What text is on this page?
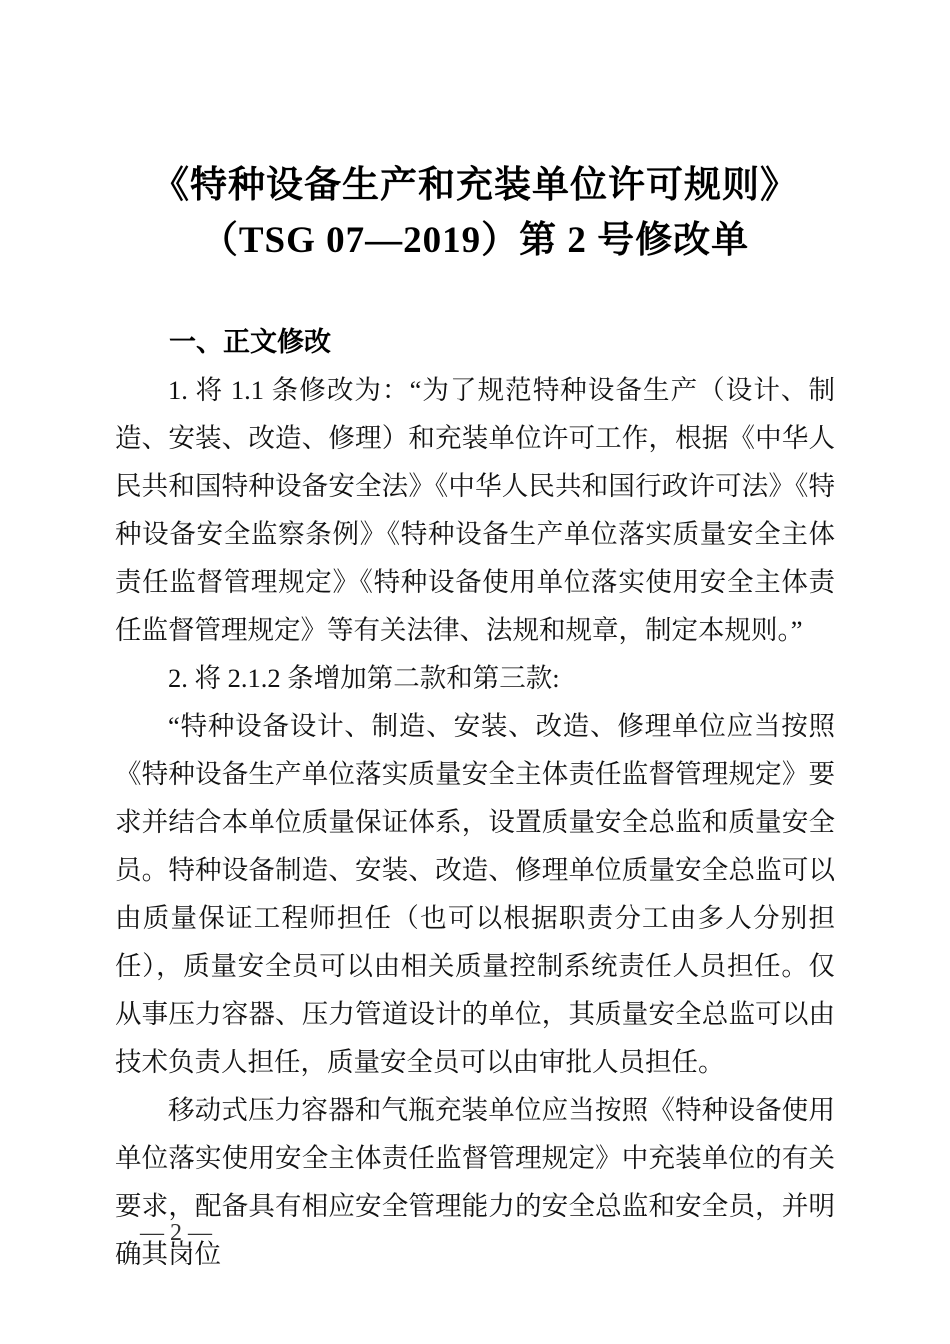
《特种设备生产和充装单位许可规则》
（TSG 07—2019）第 2 号修改单
一、正文修改

1. 将 1.1 条修改为：“为了规范特种设备生产（设计、制造、安装、改造、修理）和充装单位许可工作，根据《中华人民共和国特种设备安全法》《中华人民共和国行政许可法》《特种设备安全监察条例》《特种设备生产单位落实质量安全主体责任监督管理规定》《特种设备使用单位落实使用安全主体责任监督管理规定》等有关法律、法规和规章，制定本规则。”

2. 将 2.1.2 条增加第二款和第三款:

“特种设备设计、制造、安装、改造、修理单位应当按照《特种设备生产单位落实质量安全主体责任监督管理规定》要求并结合本单位质量保证体系，设置质量安全总监和质量安全员。特种设备制造、安装、改造、修理单位质量安全总监可以由质量保证工程师担任（也可以根据职责分工由多人分别担任），质量安全员可以由相关质量控制系统责任人员担任。仅从事压力容器、压力管道设计的单位，其质量安全总监可以由技术负责人担任，质量安全员可以由审批人员担任。

移动式压力容器和气瓶充装单位应当按照《特种设备使用单位落实使用安全主体责任监督管理规定》中充装单位的有关要求，配备具有相应安全管理能力的安全总监和安全员，并明确其岗位

— 2 —
